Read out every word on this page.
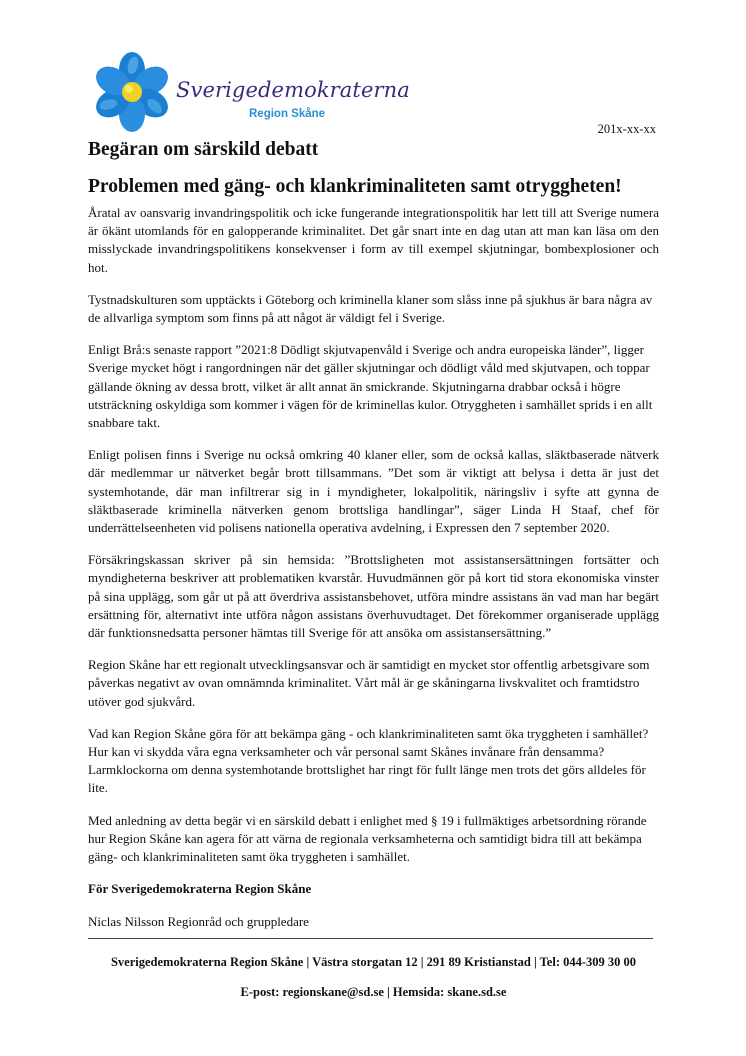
Sverigedemokraterna
Region Skåne
201x-xx-xx
Begäran om särskild debatt
Problemen med gäng- och klankriminaliteten samt otryggheten!

Åratal av oansvarig invandringspolitik och icke fungerande integrationspolitik har lett till att Sverige numera är ökänt utomlands för en galopperande kriminalitet. Det går snart inte en dag utan att man kan läsa om den misslyckade invandringspolitikens konsekvenser i form av till exempel skjutningar, bombexplosioner och hot.

Tystnadskulturen som upptäckts i Göteborg och kriminella klaner som slåss inne på sjukhus är bara några av de allvarliga symptom som finns på att något är väldigt fel i Sverige.

Enligt Brå:s senaste rapport ”2021:8 Dödligt skjutvapenvåld i Sverige och andra europeiska länder”, ligger Sverige mycket högt i rangordningen när det gäller skjutningar och dödligt våld med skjutvapen, och toppar gällande ökning av dessa brott, vilket är allt annat än smickrande. Skjutningarna drabbar också i högre utsträckning oskyldiga som kommer i vägen för de kriminellas kulor. Otryggheten i samhället sprids i en allt snabbare takt.

Enligt polisen finns i Sverige nu också omkring 40 klaner eller, som de också kallas, släktbaserade nätverk där medlemmar ur nätverket begår brott tillsammans. ”Det som är viktigt att belysa i detta är just det systemhotande, där man infiltrerar sig in i myndigheter, lokalpolitik, näringsliv i syfte att gynna de släktbaserade kriminella nätverken genom brottsliga handlingar”, säger Linda H Staaf, chef för underrättelseenheten vid polisens nationella operativa avdelning, i Expressen den 7 september 2020.

Försäkringskassan skriver på sin hemsida: ”Brottsligheten mot assistansersättningen fortsätter och myndigheterna beskriver att problematiken kvarstår. Huvudmännen gör på kort tid stora ekonomiska vinster på sina upplägg, som går ut på att överdriva assistansbehovet, utföra mindre assistans än vad man har begärt ersättning för, alternativt inte utföra någon assistans överhuvudtaget. Det förekommer organiserade upplägg där funktionsnedsatta personer hämtas till Sverige för att ansöka om assistansersättning.”

Region Skåne har ett regionalt utvecklingsansvar och är samtidigt en mycket stor offentlig arbetsgivare som påverkas negativt av ovan omnämnda kriminalitet. Vårt mål är ge skåningarna livskvalitet och framtidstro utöver god sjukvård.

Vad kan Region Skåne göra för att bekämpa gäng - och klankriminaliteten samt öka tryggheten i samhället? Hur kan vi skydda våra egna verksamheter och vår personal samt Skånes invånare från densamma? Larmklockorna om denna systemhotande brottslighet har ringt för fullt länge men trots det görs alldeles för lite.

Med anledning av detta begär vi en särskild debatt i enlighet med § 19 i fullmäktiges arbetsordning rörande hur Region Skåne kan agera för att värna de regionala verksamheterna och samtidigt bidra till att bekämpa gäng- och klankriminaliteten samt öka tryggheten i samhället.

För Sverigedemokraterna Region Skåne

Niclas Nilsson Regionråd och gruppledare

Sverigedemokraterna Region Skåne | Västra storgatan 12 | 291 89 Kristianstad | Tel: 044-309 30 00
E-post: regionskane@sd.se | Hemsida: skane.sd.se
